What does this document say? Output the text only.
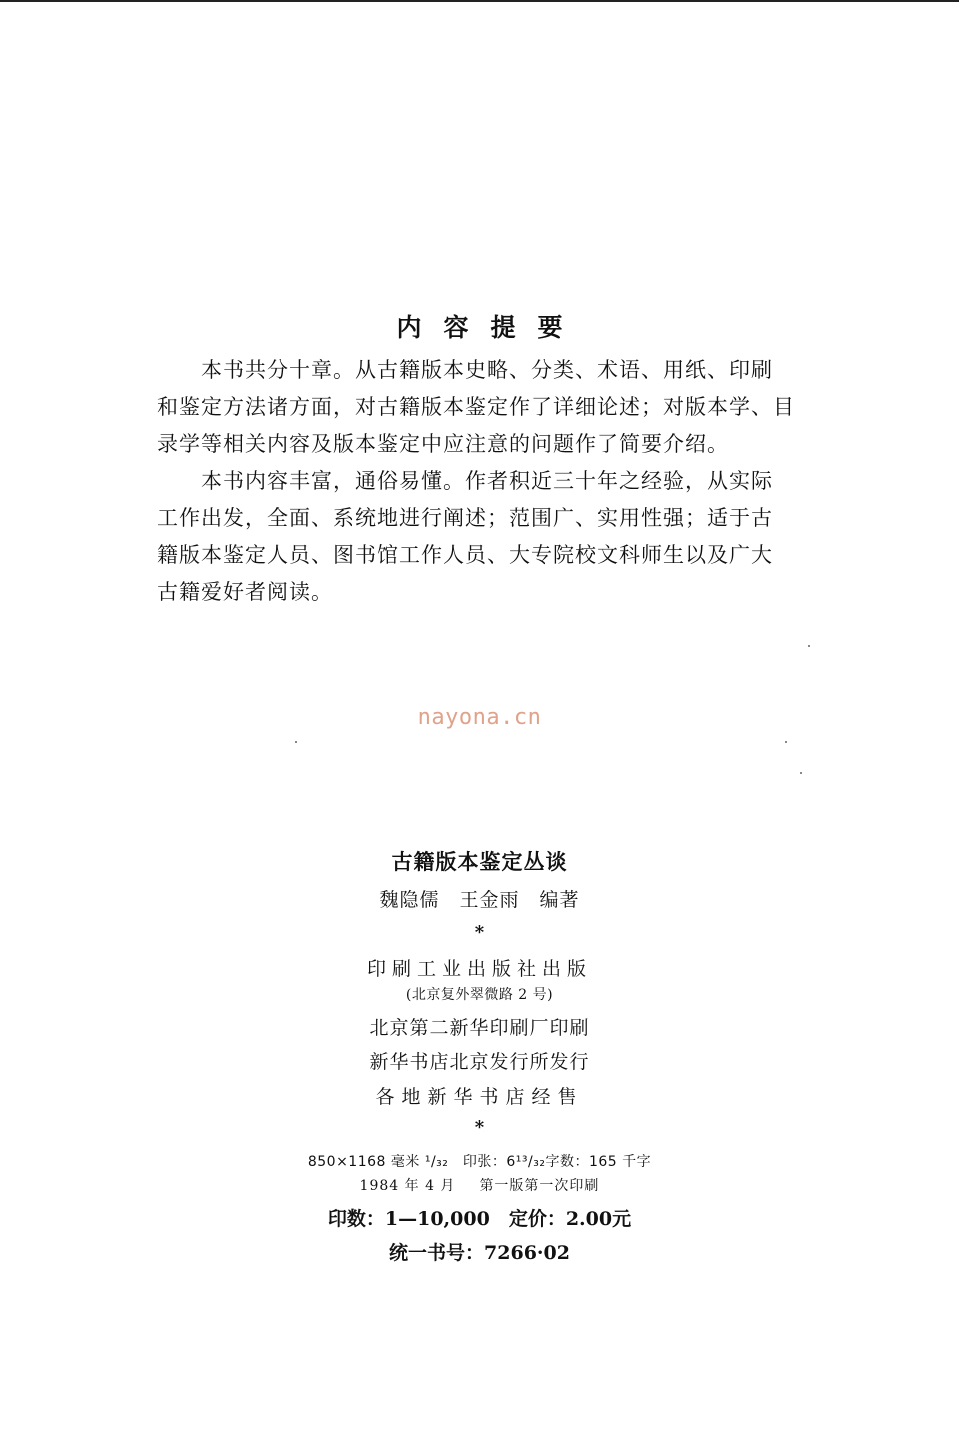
内容提要
　　本书共分十章。从古籍版本史略、分类、术语、用纸、印刷
和鉴定方法诸方面，对古籍版本鉴定作了详细论述；对版本学、目
录学等相关内容及版本鉴定中应注意的问题作了简要介绍。
　　本书内容丰富，通俗易懂。作者积近三十年之经验，从实际
工作出发，全面、系统地进行阐述；范围广、实用性强；适于古
籍版本鉴定人员、图书馆工作人员、大专院校文科师生以及广大
古籍爱好者阅读。
nayona.cn
古籍版本鉴定丛谈
魏隐儒　王金雨　编著
*
印刷工业出版社出版
(北京复外翠微路 2 号)
北京第二新华印刷厂印刷
新华书店北京发行所发行
各地新华书店经售
*
850×1168 毫米 ¹/₃₂　印张：6¹³/₃₂字数：165 千字
1984 年 4 月 第一版第一次印刷
印数：1—10,000　定价：2.00元
统一书号：7266·02
